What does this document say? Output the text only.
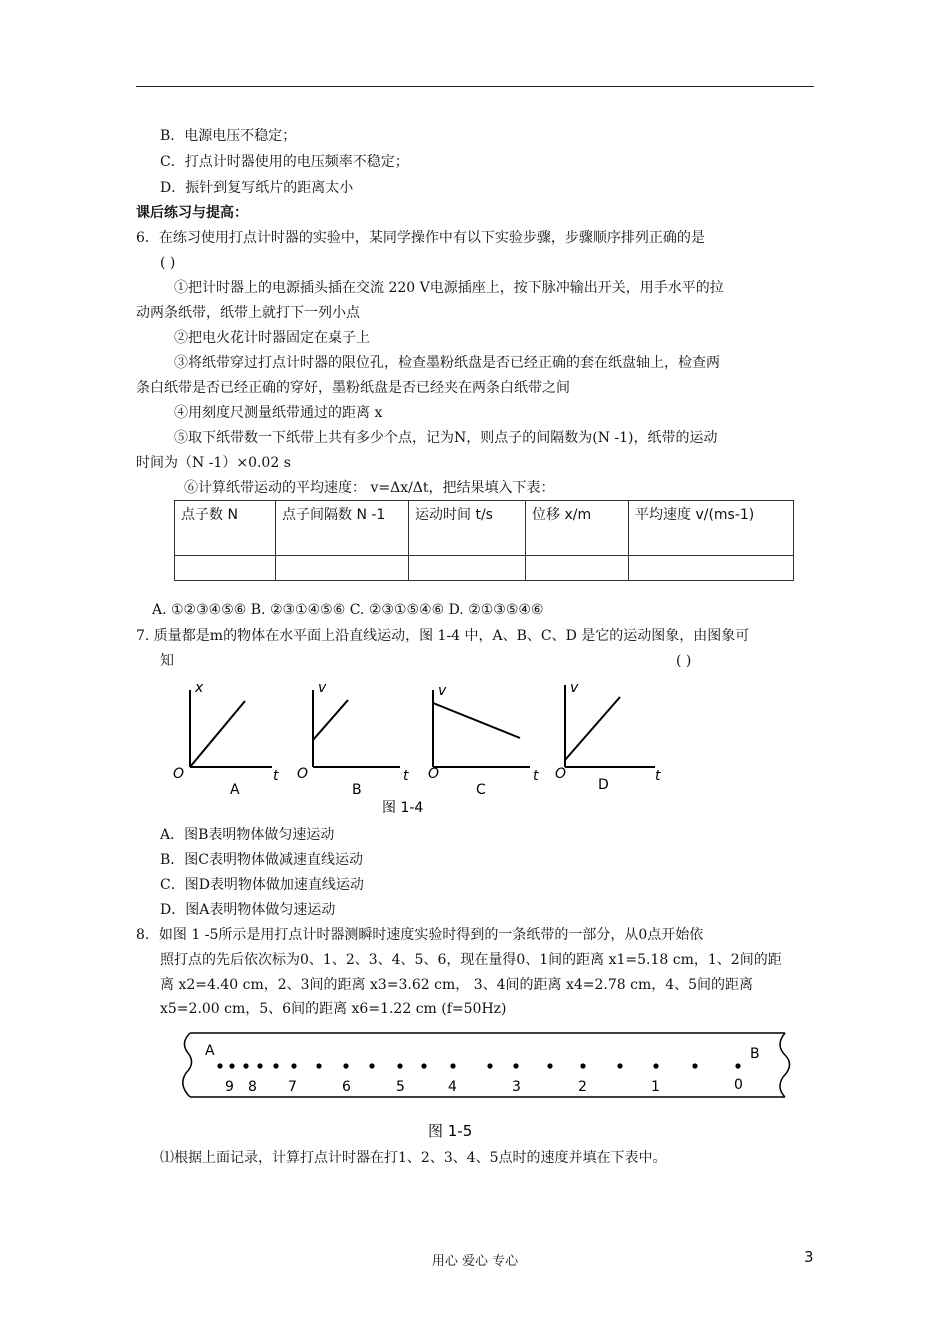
B．电源电压不稳定；
C．打点计时器使用的电压频率不稳定；
D．振针到复写纸片的距离太小
课后练习与提高：
6．在练习使用打点计时器的实验中，某同学操作中有以下实验步骤，步骤顺序排列正确的是
( )
①把计时器上的电源插头插在交流 220 V电源插座上，按下脉冲输出开关，用手水平的拉
动两条纸带，纸带上就打下一列小点
②把电火花计时器固定在桌子上
③将纸带穿过打点计时器的限位孔，检查墨粉纸盘是否已经正确的套在纸盘轴上，检查两
条白纸带是否已经正确的穿好，墨粉纸盘是否已经夹在两条白纸带之间
④用刻度尺测量纸带通过的距离 x
⑤取下纸带数一下纸带上共有多少个点，记为N，则点子的间隔数为(N -1)，纸带的运动
时间为（N -1）×0.02 s
⑥计算纸带运动的平均速度： v=Δx/Δt，把结果填入下表：
点子数 N	点子间隔数 N -1	运动时间 t/s	位移 x/m	平均速度 v/(ms-1)

A. ①②③④⑤⑥ B. ②③①④⑤⑥ C. ②③①⑤④⑥ D. ②①③⑤④⑥
7. 质量都是m的物体在水平面上沿直线运动，图 1-4 中，A、B、C、D 是它的运动图象，由图象可
知	( )
x	v	v	v
O	O	O	O
t	t	t	t
A	B	C	D
图 1-4
A．图B表明物体做匀速运动
B．图C表明物体做减速直线运动
C．图D表明物体做加速直线运动
D．图A表明物体做匀速运动
8．如图 1 -5所示是用打点计时器测瞬时速度实验时得到的一条纸带的一部分，从0点开始依
照打点的先后依次标为0、1、2、3、4、5、6，现在量得0、1间的距离 x1=5.18 cm，1、2间的距
离 x2=4.40 cm，2、3间的距离 x3=3.62 cm， 3、4间的距离 x4=2.78 cm，4、5间的距离
x5=2.00 cm，5、6间的距离 x6=1.22 cm (f=50Hz)
A	B
9 8 7	6	5	4	3	2	1	0
图 1-5
⑴根据上面记录，计算打点计时器在打1、2、3、4、5点时的速度并填在下表中。
用心 爱心 专心	3
